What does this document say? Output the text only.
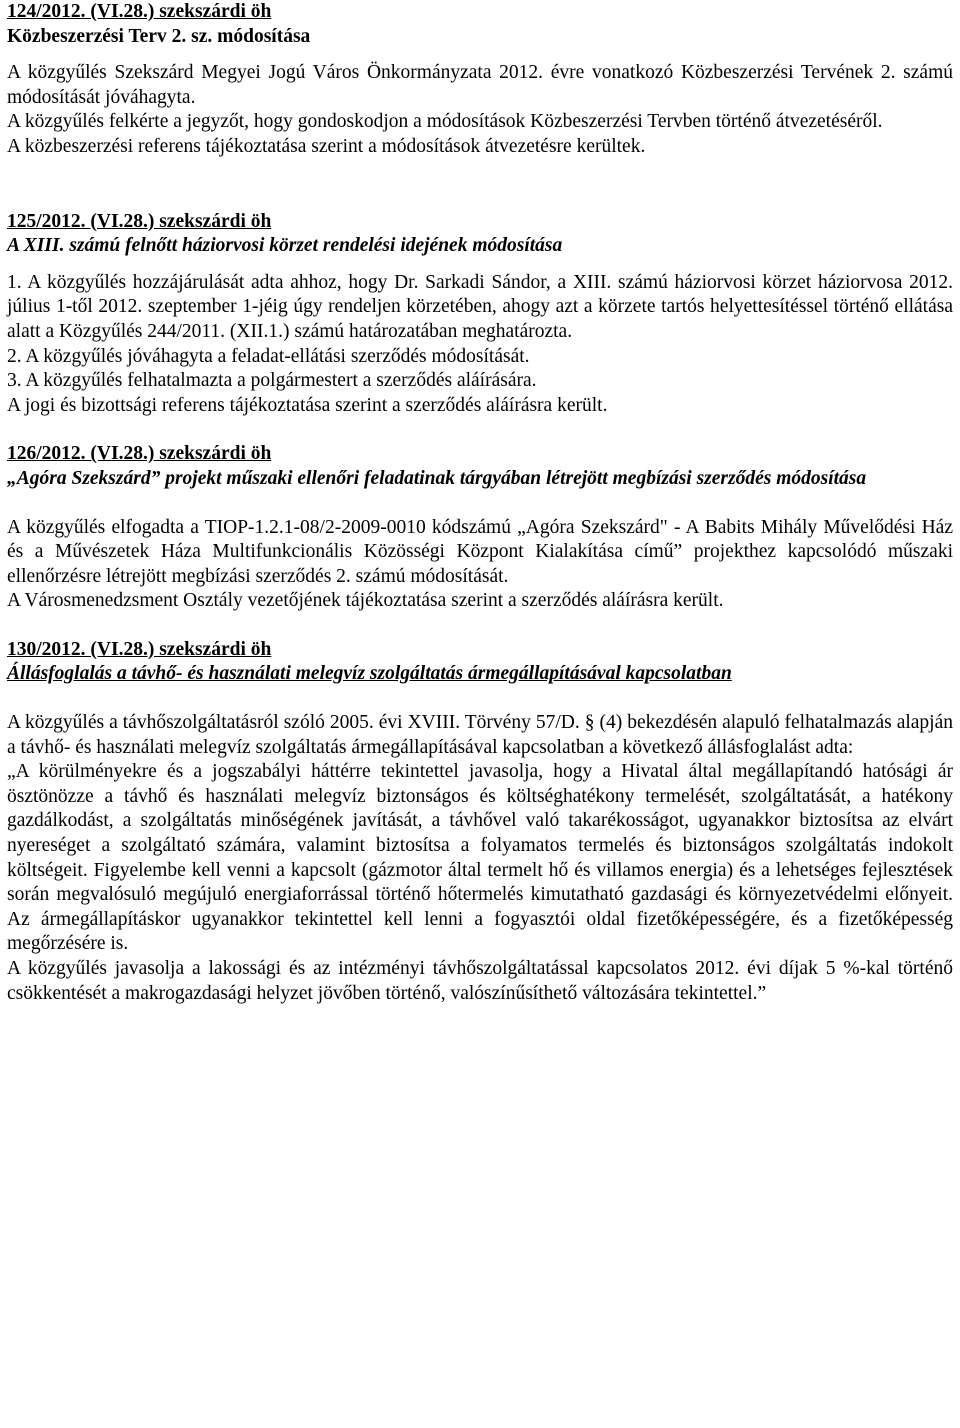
124/2012. (VI.28.) szekszárdi öh
Közbeszerzési Terv 2. sz. módosítása

A közgyűlés Szekszárd Megyei Jogú Város Önkormányzata 2012. évre vonatkozó Közbeszerzési Tervének 2. számú módosítását jóváhagyta.

A közgyűlés felkérte a jegyzőt, hogy gondoskodjon a módosítások Közbeszerzési Tervben történő átvezetéséről.

A közbeszerzési referens tájékoztatása szerint a módosítások átvezetésre kerültek.

125/2012. (VI.28.) szekszárdi öh
A XIII. számú felnőtt háziorvosi körzet rendelési idejének módosítása

1. A közgyűlés hozzájárulását adta ahhoz, hogy Dr. Sarkadi Sándor, a XIII. számú háziorvosi körzet háziorvosa 2012. július 1-től 2012. szeptember 1-jéig úgy rendeljen körzetében, ahogy azt a körzete tartós helyettesítéssel történő ellátása alatt a Közgyűlés 244/2011. (XII.1.) számú határozatában meghatározta.

2. A közgyűlés jóváhagyta a feladat-ellátási szerződés módosítását.

3. A közgyűlés felhatalmazta a polgármestert a szerződés aláírására.

A jogi és bizottsági referens tájékoztatása szerint a szerződés aláírásra került.

126/2012. (VI.28.) szekszárdi öh
„Agóra Szekszárd” projekt műszaki ellenőri feladatinak tárgyában létrejött megbízási szerződés módosítása

A közgyűlés elfogadta a TIOP-1.2.1-08/2-2009-0010 kódszámú „Agóra Szekszárd" - A Babits Mihály Művelődési Ház és a Művészetek Háza Multifunkcionális Közösségi Központ Kialakítása című” projekthez kapcsolódó műszaki ellenőrzésre létrejött megbízási szerződés 2. számú módosítását.

A Városmenedzsment Osztály vezetőjének tájékoztatása szerint a szerződés aláírásra került.

130/2012. (VI.28.) szekszárdi öh
Állásfoglalás a távhő- és használati melegvíz szolgáltatás ármegállapításával kapcsolatban

A közgyűlés a távhőszolgáltatásról szóló 2005. évi XVIII. Törvény 57/D. § (4) bekezdésén alapuló felhatalmazás alapján a távhő- és használati melegvíz szolgáltatás ármegállapításával kapcsolatban a következő állásfoglalást adta:

„A körülményekre és a jogszabályi háttérre tekintettel javasolja, hogy a Hivatal által megállapítandó hatósági ár ösztönözze a távhő és használati melegvíz biztonságos és költséghatékony termelését, szolgáltatását, a hatékony gazdálkodást, a szolgáltatás minőségének javítását, a távhővel való takarékosságot, ugyanakkor biztosítsa az elvárt nyereséget a szolgáltató számára, valamint biztosítsa a folyamatos termelés és biztonságos szolgáltatás indokolt költségeit. Figyelembe kell venni a kapcsolt (gázmotor által termelt hő és villamos energia) és a lehetséges fejlesztések során megvalósuló megújuló energiaforrással történő hőtermelés kimutatható gazdasági és környezetvédelmi előnyeit. Az ármegállapításkor ugyanakkor tekintettel kell lenni a fogyasztói oldal fizetőképességére, és a fizetőképesség megőrzésére is.

A közgyűlés javasolja a lakossági és az intézményi távhőszolgáltatással kapcsolatos 2012. évi díjak 5 %-kal történő csökkentését a makrogazdasági helyzet jövőben történő, valószínűsíthető változására tekintettel.”
